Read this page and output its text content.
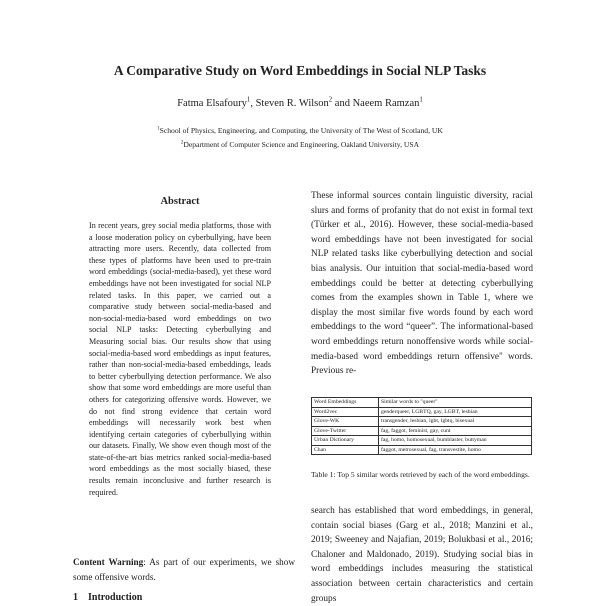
A Comparative Study on Word Embeddings in Social NLP Tasks
Fatma Elsafoury$^1$, Steven R. Wilson$^2$ and Naeem Ramzan$^1$
$^1$School of Physics, Engineering, and Computing, the University of The West of Scotland, UK
$^2$Department of Computer Science and Engineering, Oakland University, USA
Abstract

In recent years, grey social media platforms, those with a loose moderation policy on cyberbullying, have been attracting more users. Recently, data collected from these types of platforms have been used to pre-train word embeddings (social-media-based), yet these word embeddings have not been investigated for social NLP related tasks. In this paper, we carried out a comparative study between social-media-based and non-social-media-based word embeddings on two social NLP tasks: Detecting cyberbullying and Measuring social bias. Our results show that using social-media-based word embeddings as input features, rather than non-social-media-based embeddings, leads to better cyberbullying detection performance. We also show that some word embeddings are more useful than others for categorizing offensive words. However, we do not find strong evidence that certain word embeddings will necessarily work best when identifying certain categories of cyberbullying within our datasets. Finally, We show even though most of the state-of-the-art bias metrics ranked social-media-based word embeddings as the most socially biased, these results remain inconclusive and further research is required.

Content Warning: As part of our experiments, we show some offensive words.

1 Introduction

These informal sources contain linguistic diversity, racial slurs and forms of profanity that do not exist in formal text (Türker et al., 2016). However, these social-media-based word embeddings have not been investigated for social NLP related tasks like cyberbullying detection and social bias analysis. Our intuition that social-media-based word embeddings could be better at detecting cyberbullying comes from the examples shown in Table 1, where we display the most similar five words found by each word embeddings to the word “queer”. The informational-based word embeddings return nonoffensive words while social-media-based word embeddings return offensive" words. Previous re-

Word Embeddings	Similar words to "queer"
Word2vec	genderqueer, LGBTQ, gay, LGBT, lesbian
Glove-WK	transgender, lesbian, lgbt, lgbtq, bisexual
Glove-Twitter	fag, faggot, feminist, gay, cunt
Urban Dictionary	fag, homo, homosexual, bumblaster, buttyman
Chan	faggot, metrosexual, fag, transvestite, homo
Table 1: Top 5 similar words retrieved by each of the word embeddings.

search has established that word embeddings, in general, contain social biases (Garg et al., 2018; Manzini et al., 2019; Sweeney and Najafian, 2019; Bolukbasi et al., 2016; Chaloner and Maldonado, 2019). Studying social bias in word embeddings includes measuring the statistical association between certain characteristics and certain groups
